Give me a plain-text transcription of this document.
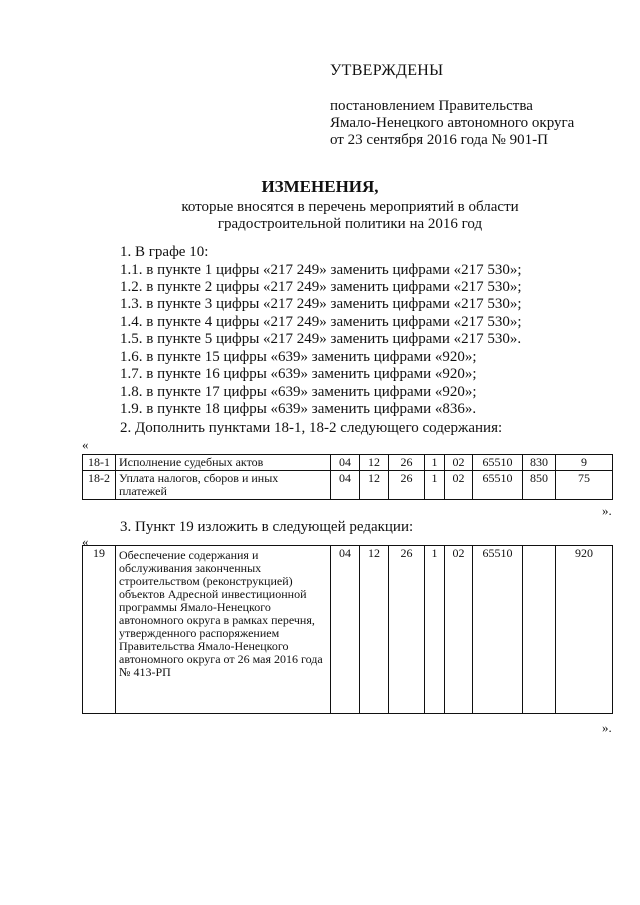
УТВЕРЖДЕНЫ
постановлением Правительства
Ямало-Ненецкого автономного округа
от 23 сентября 2016 года № 901-П
ИЗМЕНЕНИЯ,
которые вносятся в перечень мероприятий в области
градостроительной политики на 2016 год
1. В графе 10:
1.1. в пункте 1 цифры «217 249» заменить цифрами «217 530»;
1.2. в пункте 2 цифры «217 249» заменить цифрами «217 530»;
1.3. в пункте 3 цифры «217 249» заменить цифрами «217 530»;
1.4. в пункте 4 цифры «217 249» заменить цифрами «217 530»;
1.5. в пункте 5 цифры «217 249» заменить цифрами «217 530».
1.6. в пункте 15 цифры «639» заменить цифрами «920»;
1.7. в пункте 16 цифры «639» заменить цифрами «920»;
1.8. в пункте 17 цифры «639» заменить цифрами «920»;
1.9. в пункте 18 цифры «639» заменить цифрами «836».
2. Дополнить пунктами 18-1, 18-2 следующего содержания:
«
18-1	Исполнение судебных актов	04	12	26	1	02	65510	830	9
18-2	Уплата налогов, сборов и иных платежей	04	12	26	1	02	65510	850	75
».
3. Пункт 19 изложить в следующей редакции:
«
19	Обеспечение содержания и обслуживания законченных строительством (реконструкцией) объектов Адресной инвестиционной программы Ямало-Ненецкого автономного округа в рамках перечня, утвержденного распоряжением Правительства Ямало-Ненецкого автономного округа от 26 мая 2016 года № 413-РП	04	12	26	1	02	65510		920
».
